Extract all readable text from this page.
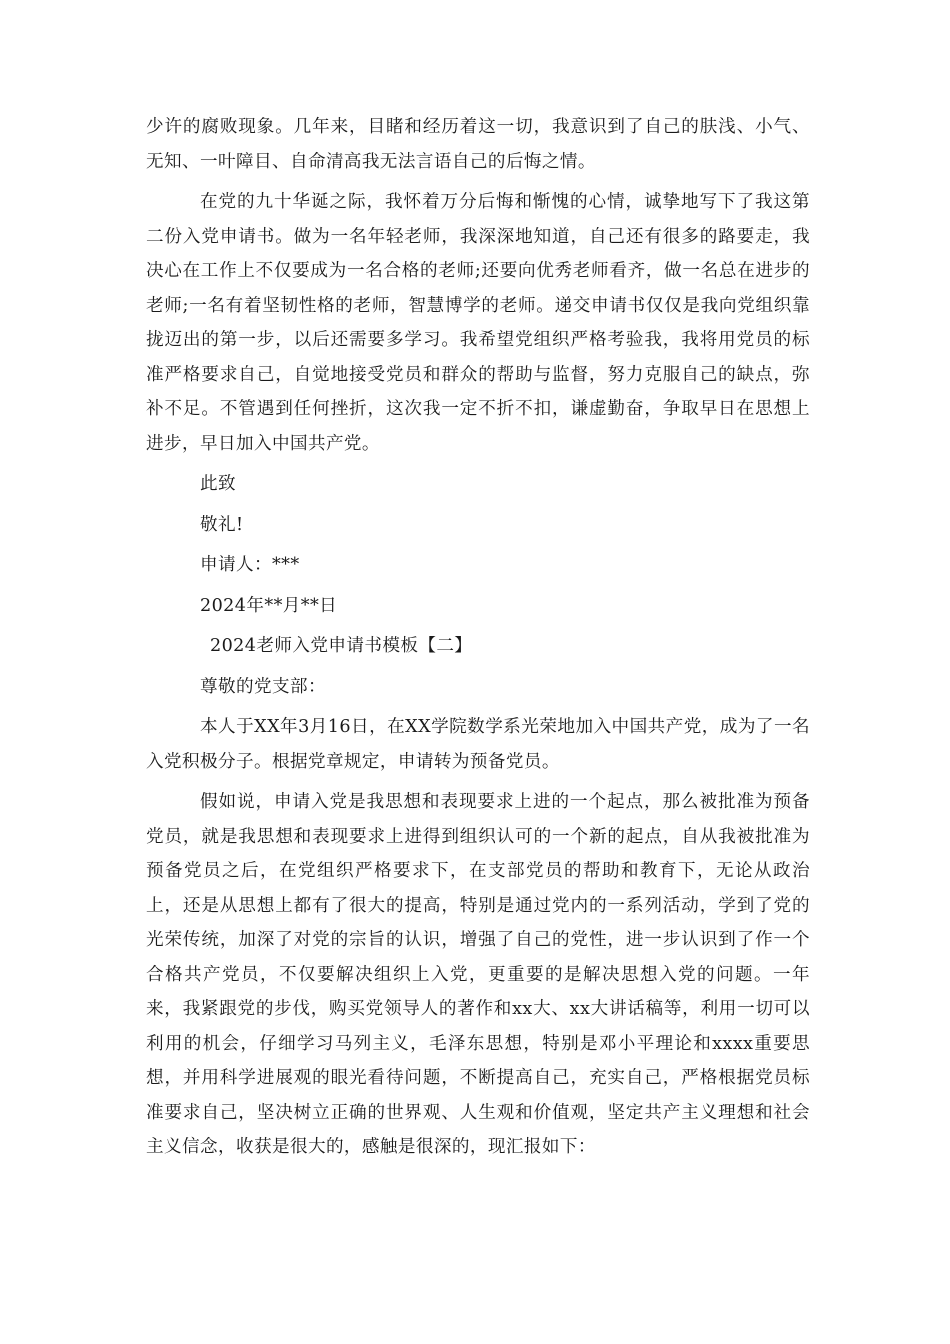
少许的腐败现象。几年来，目睹和经历着这一切，我意识到了自己的肤浅、小气、无知、一叶障目、自命清高我无法言语自己的后悔之情。

在党的九十华诞之际，我怀着万分后悔和惭愧的心情，诚挚地写下了我这第二份入党申请书。做为一名年轻老师，我深深地知道，自己还有很多的路要走，我决心在工作上不仅要成为一名合格的老师;还要向优秀老师看齐，做一名总在进步的老师;一名有着坚韧性格的老师，智慧博学的老师。递交申请书仅仅是我向党组织靠拢迈出的第一步，以后还需要多学习。我希望党组织严格考验我，我将用党员的标准严格要求自己，自觉地接受党员和群众的帮助与监督，努力克服自己的缺点，弥补不足。不管遇到任何挫折，这次我一定不折不扣，谦虚勤奋，争取早日在思想上进步，早日加入中国共产党。

此致

敬礼!

申请人：***

2024年**月**日

2024老师入党申请书模板【二】

尊敬的党支部：

本人于XX年3月16日，在XX学院数学系光荣地加入中国共产党，成为了一名入党积极分子。根据党章规定，申请转为预备党员。

假如说，申请入党是我思想和表现要求上进的一个起点，那么被批准为预备党员，就是我思想和表现要求上进得到组织认可的一个新的起点，自从我被批准为预备党员之后，在党组织严格要求下，在支部党员的帮助和教育下，无论从政治上，还是从思想上都有了很大的提高，特别是通过党内的一系列活动，学到了党的光荣传统，加深了对党的宗旨的认识，增强了自己的党性，进一步认识到了作一个合格共产党员，不仅要解决组织上入党，更重要的是解决思想入党的问题。一年来，我紧跟党的步伐，购买党领导人的著作和xx大、xx大讲话稿等，利用一切可以利用的机会，仔细学习马列主义，毛泽东思想，特别是邓小平理论和xxxx重要思想，并用科学进展观的眼光看待问题，不断提高自己，充实自己，严格根据党员标准要求自己，坚决树立正确的世界观、人生观和价值观，坚定共产主义理想和社会主义信念，收获是很大的，感触是很深的，现汇报如下：
